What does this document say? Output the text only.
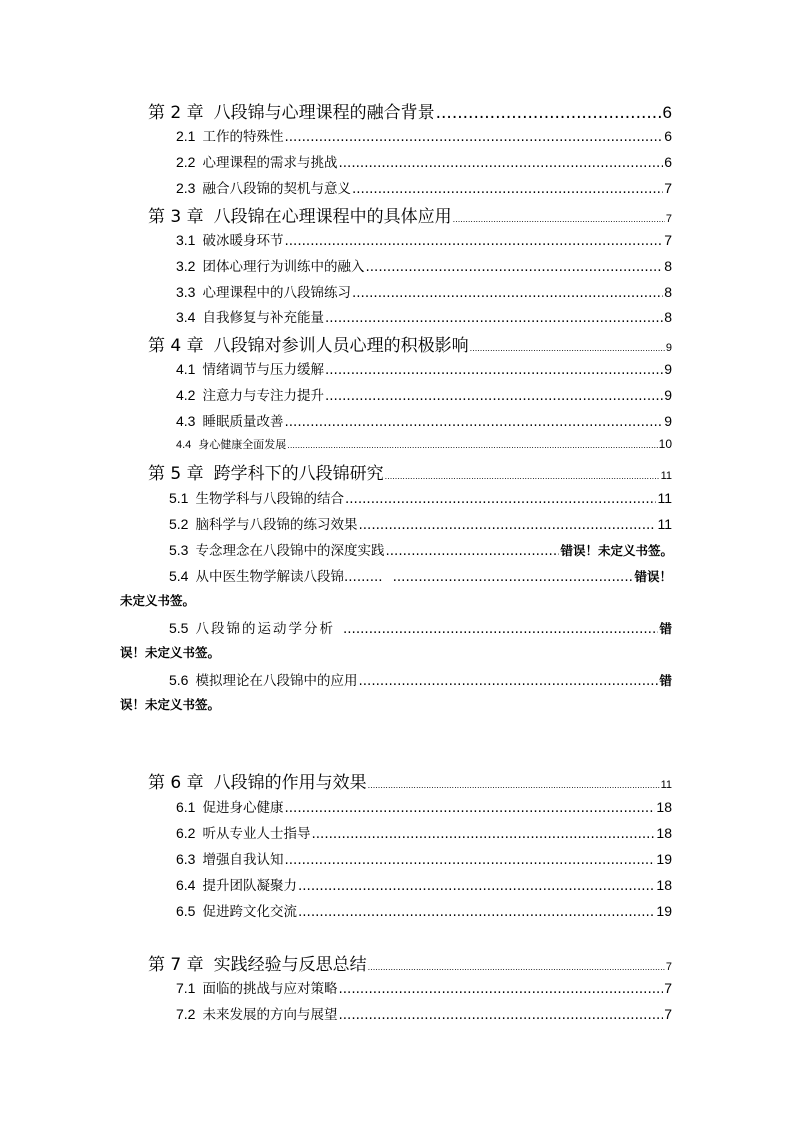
第 2 章 八段锦与心理课程的融合背景 .....	6
2.1 工作的特殊性 .....	6
2.2 心理课程的需求与挑战 .....	6
2.3 融合八段锦的契机与意义 .....	7
第 3 章 八段锦在心理课程中的具体应用 .....	7
3.1 破冰暖身环节 .....	7
3.2 团体心理行为训练中的融入 .....	8
3.3 心理课程中的八段锦练习 .....	8
3.4 自我修复与补充能量 .....	8
第 4 章 八段锦对参训人员心理的积极影响 .....	9
4.1 情绪调节与压力缓解 .....	9
4.2 注意力与专注力提升 .....	9
4.3 睡眠质量改善 .....	9
4.4 身心健康全面发展 .....	10
第 5 章 跨学科下的八段锦研究 .....	11
5.1 生物学科与八段锦的结合 .....	11
5.2 脑科学与八段锦的练习效果 .....	11
5.3 专念理念在八段锦中的深度实践 .....	错误！未定义书签。
5.4 从中医生物学解读八段锦......... .....	错误！
未定义书签。
5.5 八段锦的运动学分析 .....	错
误！未定义书签。
5.6 模拟理论在八段锦中的应用 .....	错
误！未定义书签。
第 6 章 八段锦的作用与效果 .....	11
6.1 促进身心健康 .....	18
6.2 听从专业人士指导 .....	18
6.3 增强自我认知 .....	19
6.4 提升团队凝聚力 .....	18
6.5 促进跨文化交流 .....	19
第 7 章 实践经验与反思总结 .....	7
7.1 面临的挑战与应对策略 .....	7
7.2 未来发展的方向与展望 .....	7
